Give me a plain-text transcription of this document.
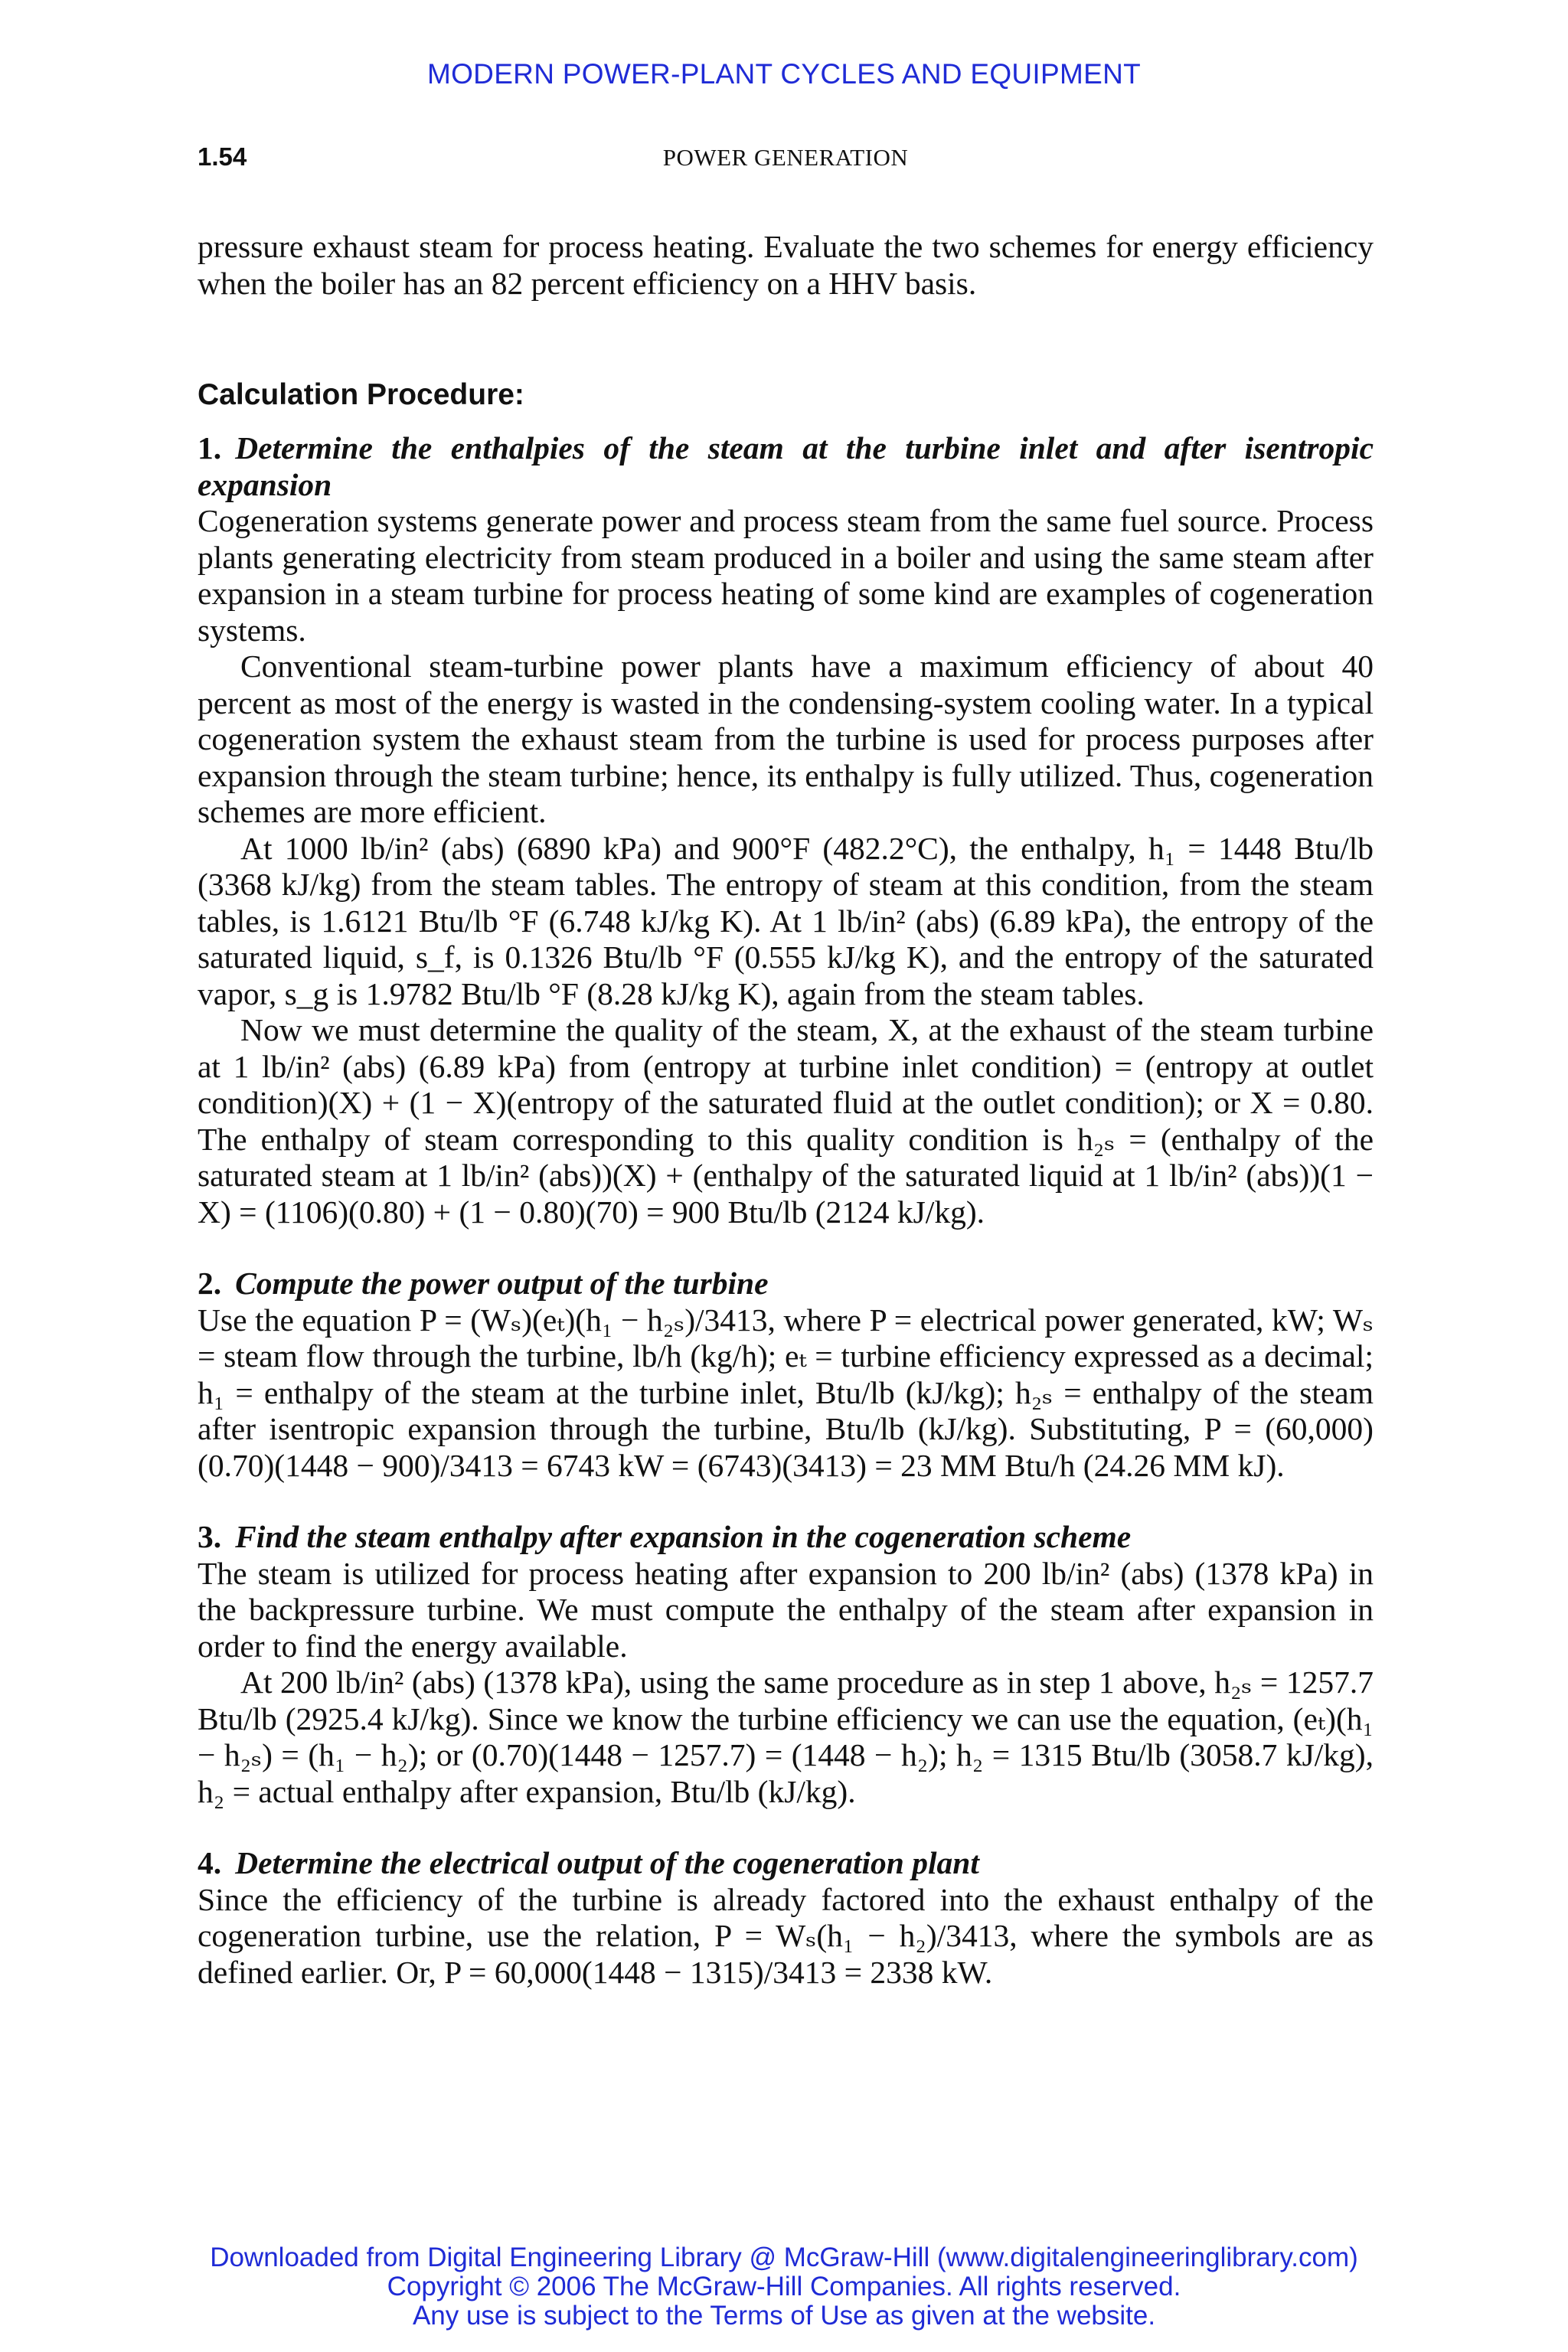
MODERN POWER-PLANT CYCLES AND EQUIPMENT
1.54	POWER GENERATION

pressure exhaust steam for process heating. Evaluate the two schemes for energy efficiency when the boiler has an 82 percent efficiency on a HHV basis.

Calculation Procedure:

1. Determine the enthalpies of the steam at the turbine inlet and after isentropic expansion

Cogeneration systems generate power and process steam from the same fuel source. Process plants generating electricity from steam produced in a boiler and using the same steam after expansion in a steam turbine for process heating of some kind are examples of cogeneration systems.

Conventional steam-turbine power plants have a maximum efficiency of about 40 percent as most of the energy is wasted in the condensing-system cooling water. In a typical cogeneration system the exhaust steam from the turbine is used for process purposes after expansion through the steam turbine; hence, its enthalpy is fully utilized. Thus, cogeneration schemes are more efficient.

At 1000 lb/in² (abs) (6890 kPa) and 900°F (482.2°C), the enthalpy, h₁ = 1448 Btu/lb (3368 kJ/kg) from the steam tables. The entropy of steam at this condition, from the steam tables, is 1.6121 Btu/lb °F (6.748 kJ/kg K). At 1 lb/in² (abs) (6.89 kPa), the entropy of the saturated liquid, s_f, is 0.1326 Btu/lb °F (0.555 kJ/kg K), and the entropy of the saturated vapor, s_g is 1.9782 Btu/lb °F (8.28 kJ/kg K), again from the steam tables.

Now we must determine the quality of the steam, X, at the exhaust of the steam turbine at 1 lb/in² (abs) (6.89 kPa) from (entropy at turbine inlet condition) = (entropy at outlet condition)(X) + (1 − X)(entropy of the saturated fluid at the outlet condition); or X = 0.80. The enthalpy of steam corresponding to this quality condition is h₂ₛ = (enthalpy of the saturated steam at 1 lb/in² (abs))(X) + (enthalpy of the saturated liquid at 1 lb/in² (abs))(1 − X) = (1106)(0.80) + (1 − 0.80)(70) = 900 Btu/lb (2124 kJ/kg).

2. Compute the power output of the turbine

Use the equation P = (Wₛ)(eₜ)(h₁ − h₂ₛ)/3413, where P = electrical power generated, kW; Wₛ = steam flow through the turbine, lb/h (kg/h); eₜ = turbine efficiency expressed as a decimal; h₁ = enthalpy of the steam at the turbine inlet, Btu/lb (kJ/kg); h₂ₛ = enthalpy of the steam after isentropic expansion through the turbine, Btu/lb (kJ/kg). Substituting, P = (60,000)(0.70)(1448 − 900)/3413 = 6743 kW = (6743)(3413) = 23 MM Btu/h (24.26 MM kJ).

3. Find the steam enthalpy after expansion in the cogeneration scheme

The steam is utilized for process heating after expansion to 200 lb/in² (abs) (1378 kPa) in the backpressure turbine. We must compute the enthalpy of the steam after expansion in order to find the energy available.

At 200 lb/in² (abs) (1378 kPa), using the same procedure as in step 1 above, h₂ₛ = 1257.7 Btu/lb (2925.4 kJ/kg). Since we know the turbine efficiency we can use the equation, (eₜ)(h₁ − h₂ₛ) = (h₁ − h₂); or (0.70)(1448 − 1257.7) = (1448 − h₂); h₂ = 1315 Btu/lb (3058.7 kJ/kg), h₂ = actual enthalpy after expansion, Btu/lb (kJ/kg).

4. Determine the electrical output of the cogeneration plant

Since the efficiency of the turbine is already factored into the exhaust enthalpy of the cogeneration turbine, use the relation, P = Wₛ(h₁ − h₂)/3413, where the symbols are as defined earlier. Or, P = 60,000(1448 − 1315)/3413 = 2338 kW.

Downloaded from Digital Engineering Library @ McGraw-Hill (www.digitalengineeringlibrary.com)
Copyright © 2006 The McGraw-Hill Companies. All rights reserved.
Any use is subject to the Terms of Use as given at the website.
